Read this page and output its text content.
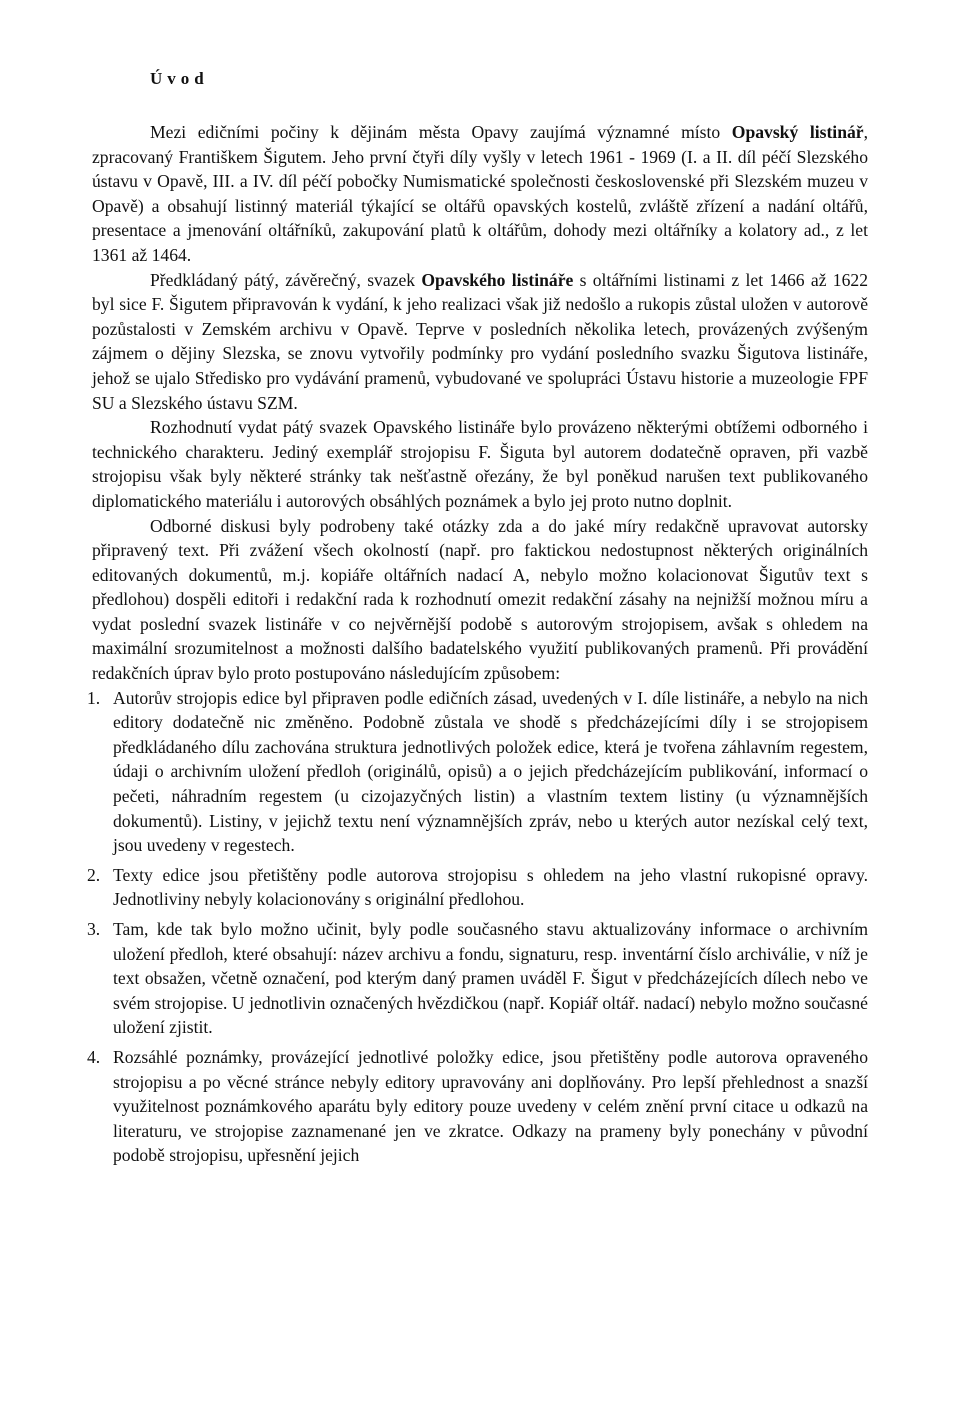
Úvod

Mezi edičními počiny k dějinám města Opavy zaujímá významné místo Opavský listinář, zpracovaný Františkem Šigutem. Jeho první čtyři díly vyšly v letech 1961 - 1969 (I. a II. díl péčí Slezského ústavu v Opavě, III. a IV. díl péčí pobočky Numismatické společnosti československé při Slezském muzeu v Opavě) a obsahují listinný materiál týkající se oltářů opavských kostelů, zvláště zřízení a nadání oltářů, presentace a jmenování oltářníků, zakupování platů k oltářům, dohody mezi oltářníky a kolatory ad., z let 1361 až 1464.

Předkládaný pátý, závěrečný, svazek Opavského listináře s oltářními listinami z let 1466 až 1622 byl sice F. Šigutem připravován k vydání, k jeho realizaci však již nedošlo a rukopis zůstal uložen v autorově pozůstalosti v Zemském archivu v Opavě. Teprve v posledních několika letech, provázených zvýšeným zájmem o dějiny Slezska, se znovu vytvořily podmínky pro vydání posledního svazku Šigutova listináře, jehož se ujalo Středisko pro vydávání pramenů, vybudované ve spolupráci Ústavu historie a muzeologie FPF SU a Slezského ústavu SZM.

Rozhodnutí vydat pátý svazek Opavského listináře bylo provázeno některými obtížemi odborného i technického charakteru. Jediný exemplář strojopisu F. Šiguta byl autorem dodatečně opraven, při vazbě strojopisu však byly některé stránky tak nešťastně ořezány, že byl poněkud narušen text publikovaného diplomatického materiálu i autorových obsáhlých poznámek a bylo jej proto nutno doplnit.

Odborné diskusi byly podrobeny také otázky zda a do jaké míry redakčně upravovat autorsky připravený text. Při zvážení všech okolností (např. pro faktickou nedostupnost některých originálních editovaných dokumentů, m.j. kopiáře oltářních nadací A, nebylo možno kolacionovat Šigutův text s předlohou) dospěli editoři i redakční rada k rozhodnutí omezit redakční zásahy na nejnižší možnou míru a vydat poslední svazek listináře v co nejvěrnější podobě s autorovým strojopisem, avšak s ohledem na maximální srozumitelnost a možnosti dalšího badatelského využití publikovaných pramenů. Při provádění redakčních úprav bylo proto postupováno následujícím způsobem:

1. Autorův strojopis edice byl připraven podle edičních zásad, uvedených v I. díle listináře, a nebylo na nich editory dodatečně nic změněno. Podobně zůstala ve shodě s předcházejícími díly i se strojopisem předkládaného dílu zachována struktura jednotlivých položek edice, která je tvořena záhlavním regestem, údaji o archivním uložení předloh (originálů, opisů) a o jejich předcházejícím publikování, informací o pečeti, náhradním regestem (u cizojazyčných listin) a vlastním textem listiny (u významnějších dokumentů). Listiny, v jejichž textu není významnějších zpráv, nebo u kterých autor nezískal celý text, jsou uvedeny v regestech.
2. Texty edice jsou přetištěny podle autorova strojopisu s ohledem na jeho vlastní rukopisné opravy. Jednotliviny nebyly kolacionovány s originální předlohou.
3. Tam, kde tak bylo možno učinit, byly podle současného stavu aktualizovány informace o archivním uložení předloh, které obsahují: název archivu a fondu, signaturu, resp. inventární číslo archiválie, v níž je text obsažen, včetně označení, pod kterým daný pramen uváděl F. Šigut v předcházejících dílech nebo ve svém strojopise. U jednotlivin označených hvězdičkou (např. Kopiář oltář. nadací) nebylo možno současné uložení zjistit.
4. Rozsáhlé poznámky, provázející jednotlivé položky edice, jsou přetištěny podle autorova opraveného strojopisu a po věcné stránce nebyly editory upravovány ani doplňovány. Pro lepší přehlednost a snazší využitelnost poznámkového aparátu byly editory pouze uvedeny v celém znění první citace u odkazů na literaturu, ve strojopise zaznamenané jen ve zkratce. Odkazy na prameny byly ponechány v původní podobě strojopisu, upřesnění jejich
